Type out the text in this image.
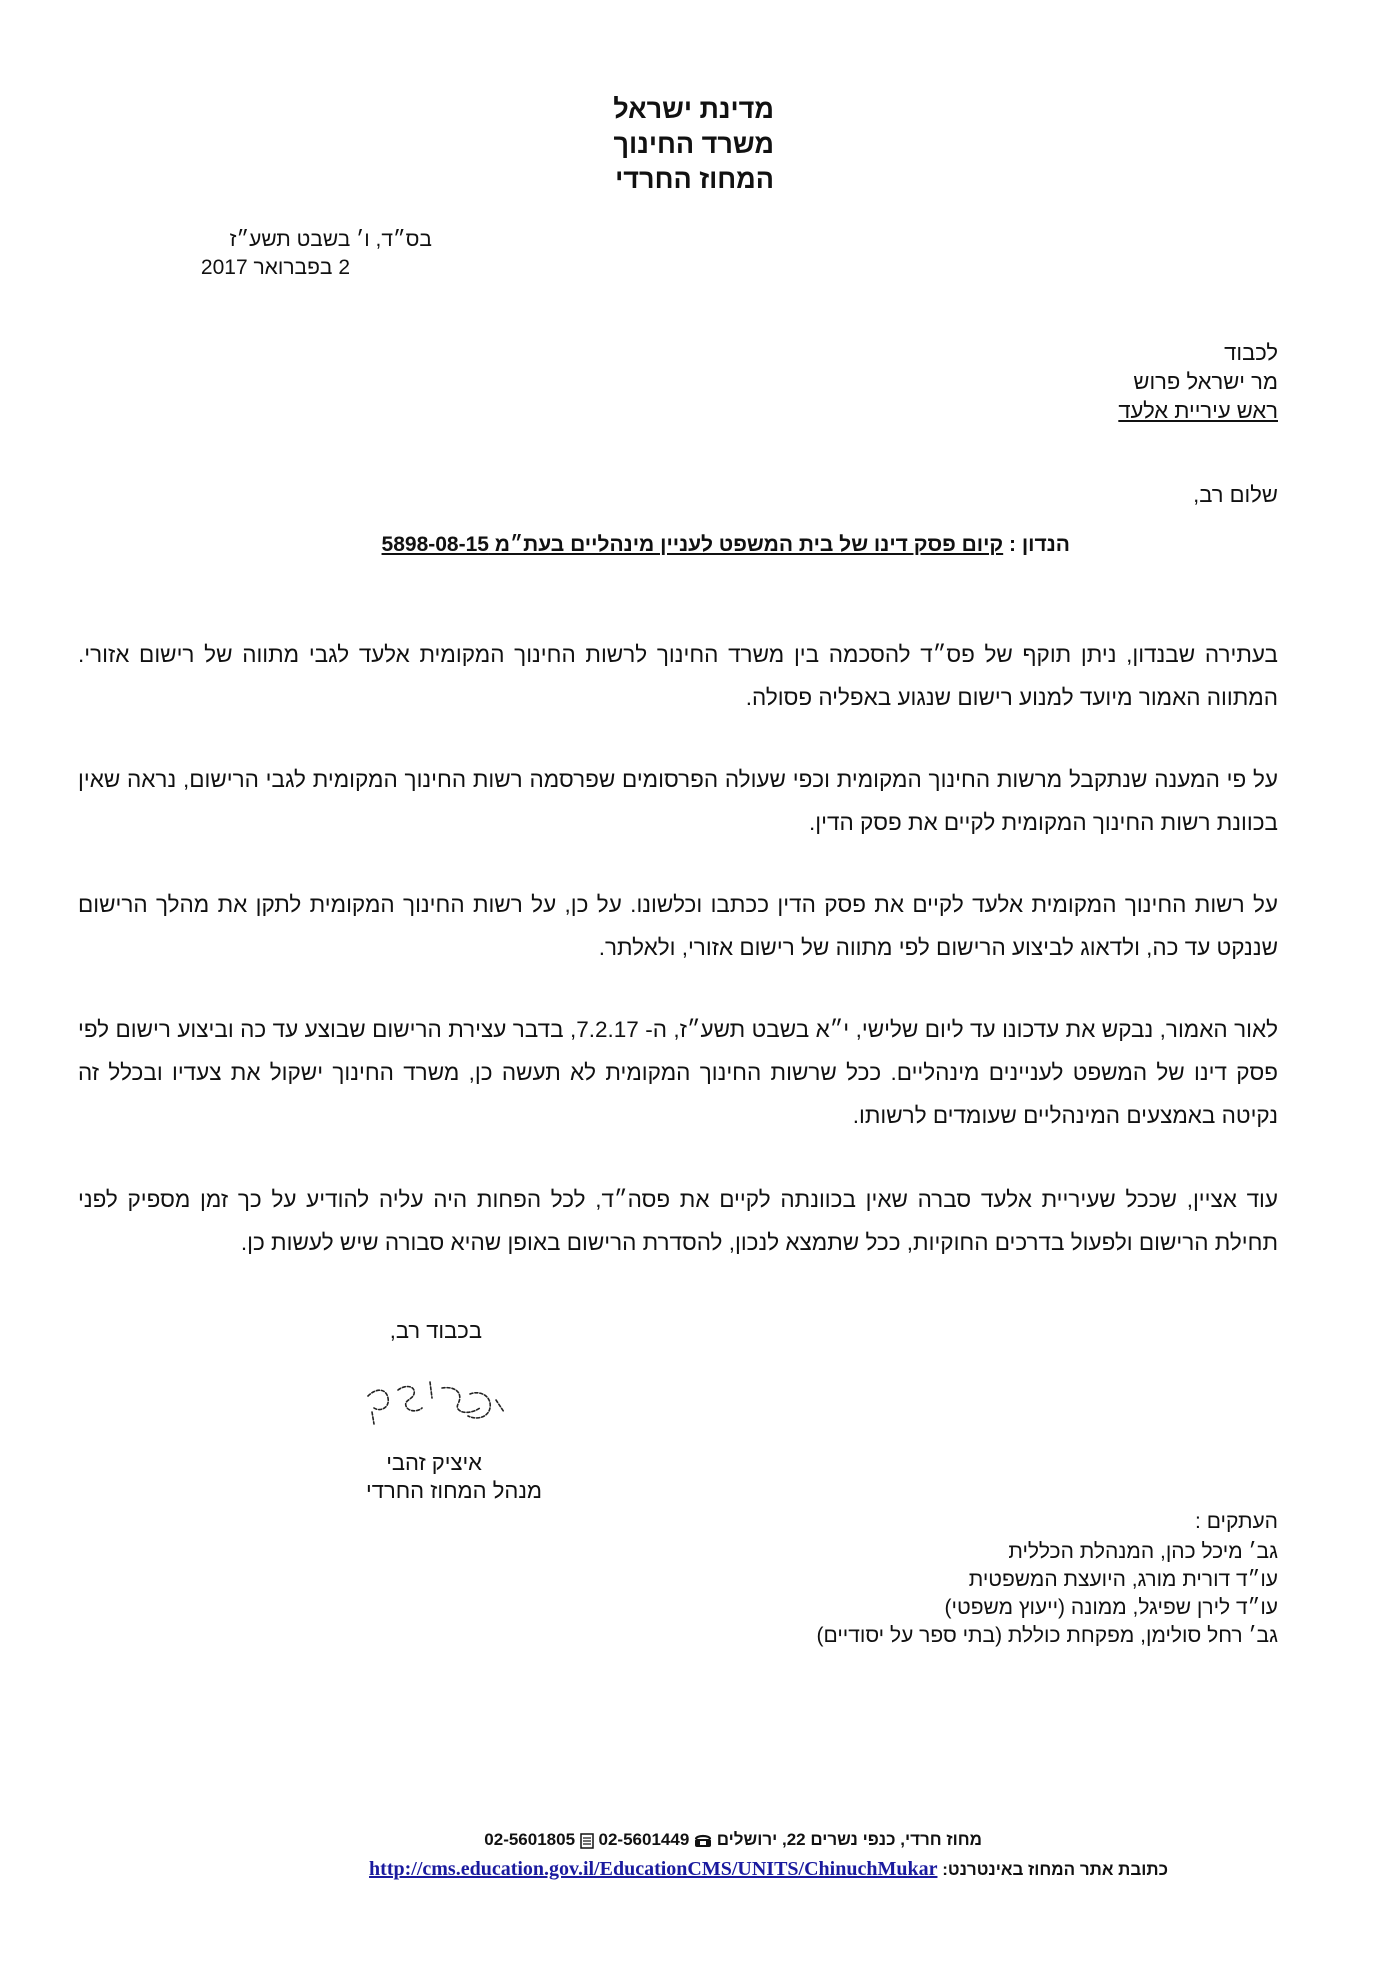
מדינת ישראל
משרד החינוך
המחוז החרדי
בס״ד, ו׳ בשבט תשע״ז
2 בפברואר 2017
לכבוד
מר ישראל פרוש
ראש עיריית אלעד
שלום רב,
הנדון : קיום פסק דינו של בית המשפט לעניין מינהליים בעת״מ 5898-08-15
בעתירה שבנדון, ניתן תוקף של פס״ד להסכמה בין משרד החינוך לרשות החינוך המקומית אלעד לגבי מתווה של רישום אזורי. המתווה האמור מיועד למנוע רישום שנגוע באפליה פסולה.
על פי המענה שנתקבל מרשות החינוך המקומית וכפי שעולה הפרסומים שפרסמה רשות החינוך המקומית לגבי הרישום, נראה שאין בכוונת רשות החינוך המקומית לקיים את פסק הדין.
על רשות החינוך המקומית אלעד לקיים את פסק הדין ככתבו וכלשונו. על כן, על רשות החינוך המקומית לתקן את מהלך הרישום שננקט עד כה, ולדאוג לביצוע הרישום לפי מתווה של רישום אזורי, ולאלתר.
לאור האמור, נבקש את עדכונו עד ליום שלישי, י״א בשבט תשע״ז, ה- 7.2.17, בדבר עצירת הרישום שבוצע עד כה וביצוע רישום לפי פסק דינו של המשפט לעניינים מינהליים. ככל שרשות החינוך המקומית לא תעשה כן, משרד החינוך ישקול את צעדיו ובכלל זה נקיטה באמצעים המינהליים שעומדים לרשותו.
עוד אציין, שככל שעיריית אלעד סברה שאין בכוונתה לקיים את פסה״ד, לכל הפחות היה עליה להודיע על כך זמן מספיק לפני תחילת הרישום ולפעול בדרכים החוקיות, ככל שתמצא לנכון, להסדרת הרישום באופן שהיא סבורה שיש לעשות כן.
בכבוד רב,
איציק זהבי
מנהל המחוז החרדי
העתקים :
גב׳ מיכל כהן, המנהלת הכללית
עו״ד דורית מורג, היועצת המשפטית
עו״ד לירן שפיגל, ממונה (ייעוץ משפטי)
גב׳ רחל סולימן, מפקחת כוללת (בתי ספר על יסודיים)
מחוז חרדי, כנפי נשרים 22, ירושלים
02-5601805 02-5601449
כתובת אתר המחוז באינטרנט: http://cms.education.gov.il/EducationCMS/UNITS/ChinuchMukar
